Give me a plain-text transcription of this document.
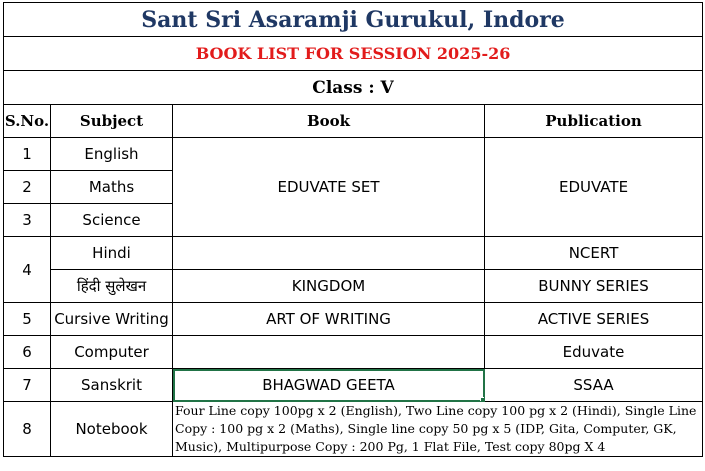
Sant Sri Asaramji Gurukul, Indore			
BOOK LIST FOR SESSION 2025-26			
Class : V			
S.No.	Subject	Book	Publication
1	English	EDUVATE SET	EDUVATE
2	Maths		
3	Science		
4	Hindi		NCERT
	हिंदी सुलेखन	KINGDOM	BUNNY SERIES
5	Cursive Writing	ART OF WRITING	ACTIVE SERIES
6	Computer		Eduvate
7	Sanskrit	BHAGWAD GEETA	SSAA
8	Notebook	Four Line copy 100pg x 2 (English), Two Line copy 100 pg x 2 (Hindi), Single Line Copy : 100 pg x 2 (Maths), Single line copy 50 pg x 5 (IDP, Gita, Computer, GK, Music), Multipurpose Copy : 200 Pg, 1 Flat File, Test copy 80pg X 4	
